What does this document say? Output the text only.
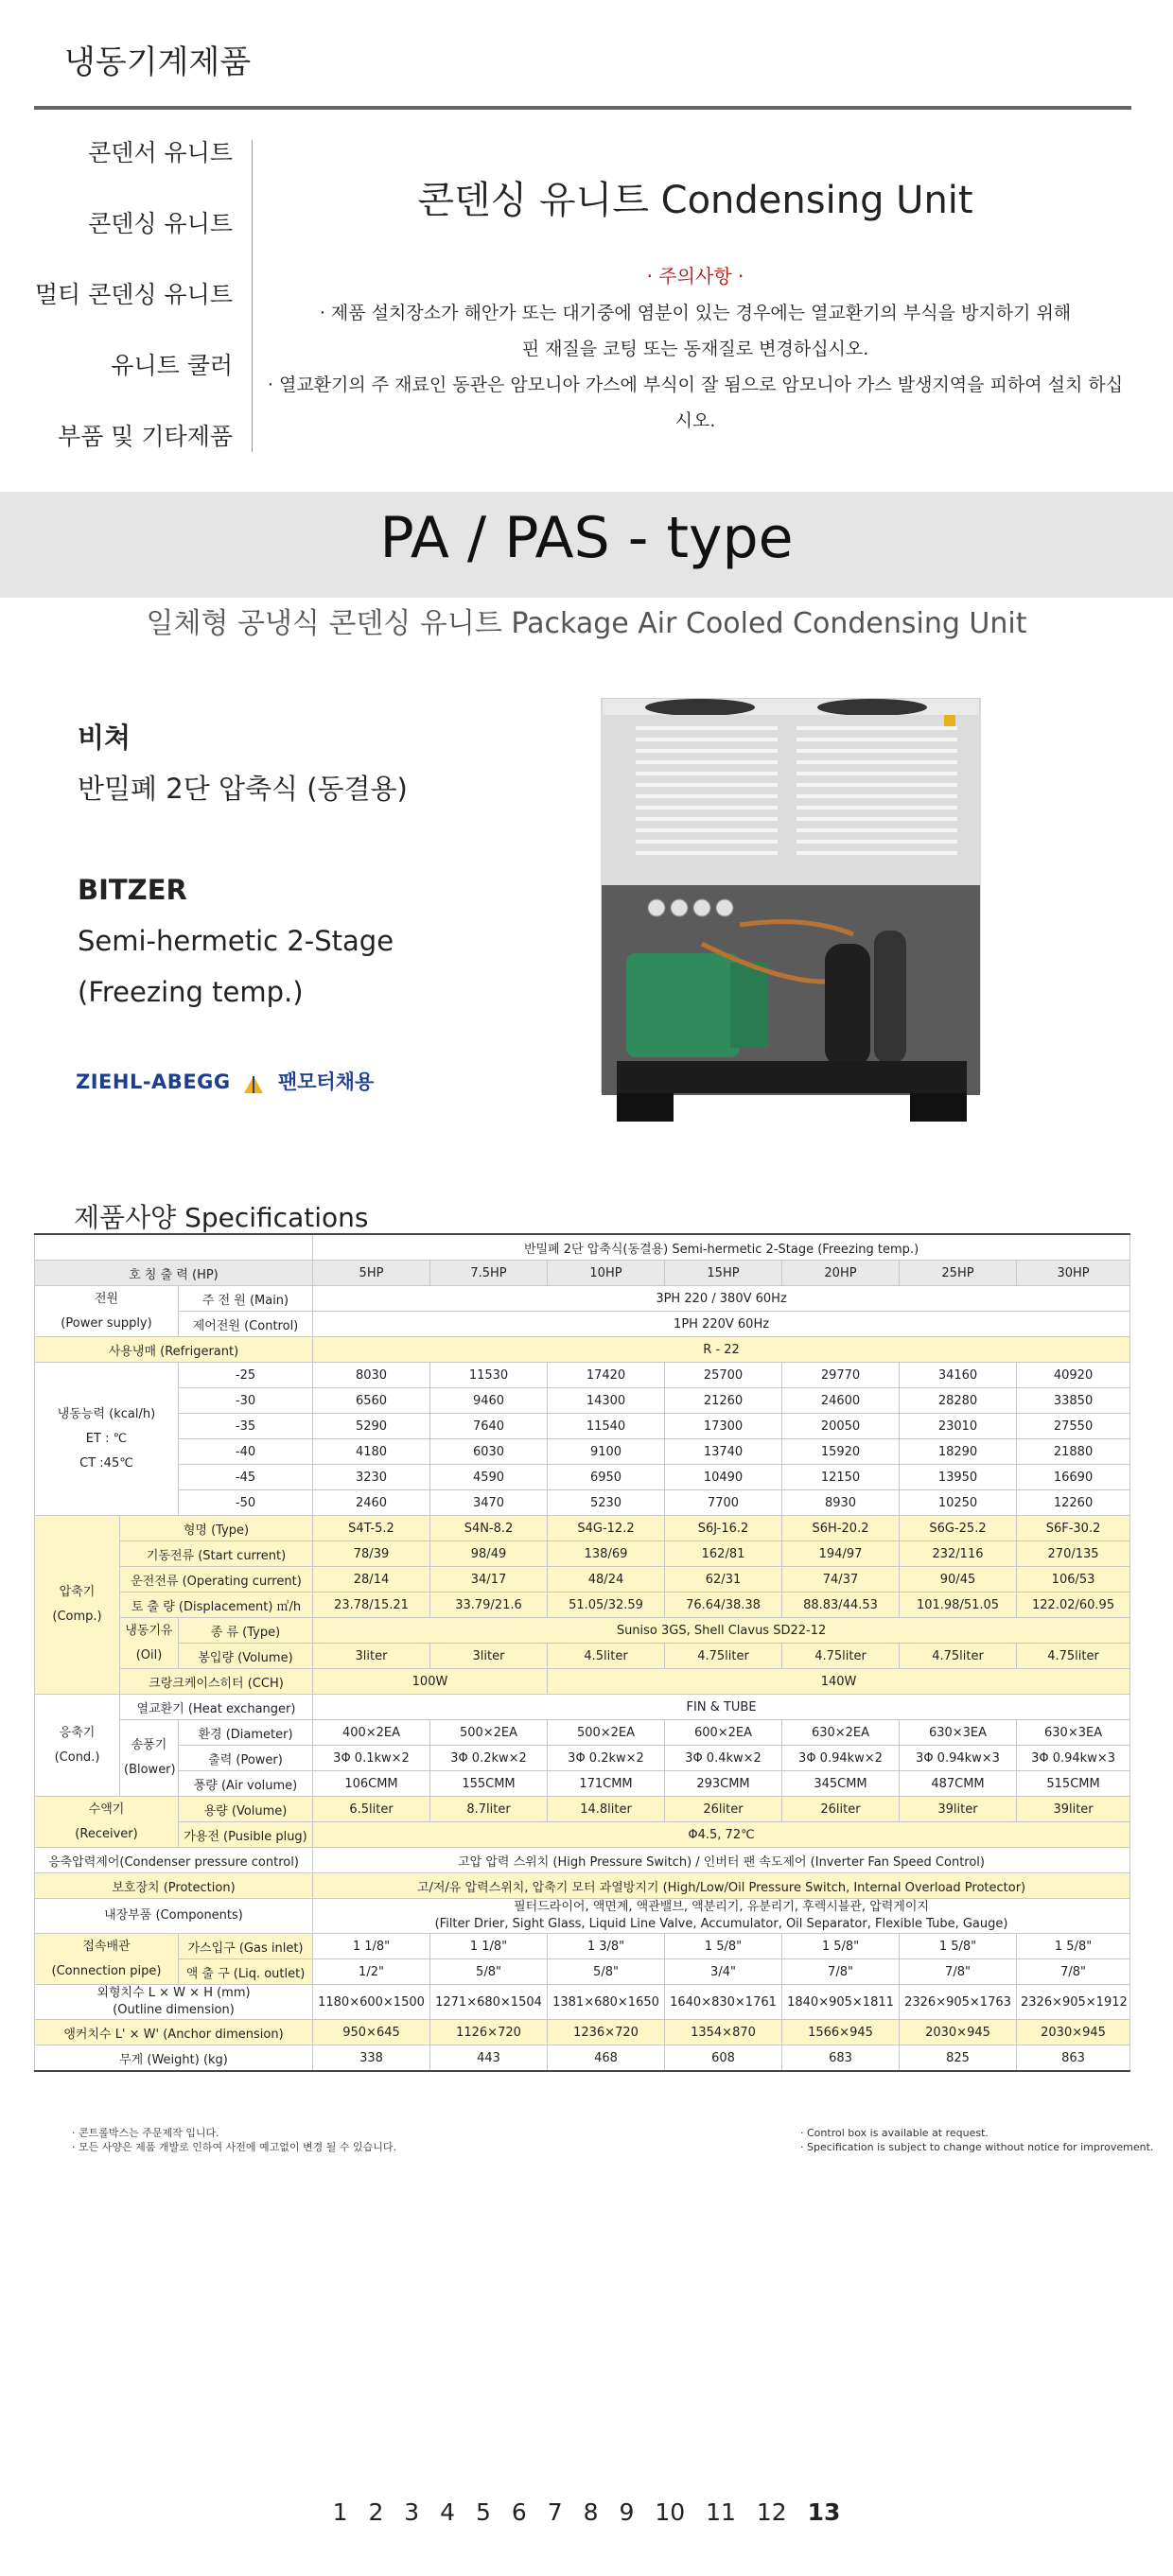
냉동기계제품
콘덴서 유니트
콘덴싱 유니트
멀티 콘덴싱 유니트
유니트 쿨러
부품 및 기타제품
콘덴싱 유니트 Condensing Unit
· 주의사항 ·
· 제품 설치장소가 해안가 또는 대기중에 염분이 있는 경우에는 열교환기의 부식을 방지하기 위해
핀 재질을 코팅 또는 동재질로 변경하십시오.
· 열교환기의 주 재료인 동관은 암모니아 가스에 부식이 잘 됨으로 암모니아 가스 발생지역을 피하여 설치 하십시오.
PA / PAS - type
일체형 공냉식 콘덴싱 유니트 Package Air Cooled Condensing Unit
비쳐
반밀폐 2단 압축식 (동결용)
BITZER
Semi-hermetic 2-Stage
(Freezing temp.)
ZIEHL-ABEGG 팬모터채용
제품사양 Specifications
			반밀폐 2단 압축식(동결용) Semi-hermetic 2-Stage (Freezing temp.)						
호 칭 출 력 (HP)			5HP	7.5HP	10HP	15HP	20HP	25HP	30HP
전원
(Power supply)		주 전 원 (Main)	3PH 220 / 380V 60Hz						
		제어전원 (Control)	1PH 220V 60Hz						
사용냉매 (Refrigerant)			R - 22						
냉동능력 (kcal/h)
ET : ℃
CT :45℃		-25	8030	11530	17420	25700	29770	34160	40920
		-30	6560	9460	14300	21260	24600	28280	33850
		-35	5290	7640	11540	17300	20050	23010	27550
		-40	4180	6030	9100	13740	15920	18290	21880
		-45	3230	4590	6950	10490	12150	13950	16690
		-50	2460	3470	5230	7700	8930	10250	12260
압축기
(Comp.)	형명 (Type)		S4T-5.2	S4N-8.2	S4G-12.2	S6J-16.2	S6H-20.2	S6G-25.2	S6F-30.2
	기동전류 (Start current)		78/39	98/49	138/69	162/81	194/97	232/116	270/135
	운전전류 (Operating current)		28/14	34/17	48/24	62/31	74/37	90/45	106/53
	토 출 량 (Displacement) ㎥/h		23.78/15.21	33.79/21.6	51.05/32.59	76.64/38.38	88.83/44.53	101.98/51.05	122.02/60.95
	냉동기유
(Oil)	종 류 (Type)	Suniso 3GS, Shell Clavus SD22-12						
		봉입량 (Volume)	3liter	3liter	4.5liter	4.75liter	4.75liter	4.75liter	4.75liter
	크랑크케이스히터 (CCH)		100W		140W				
응축기
(Cond.)	열교환기 (Heat exchanger)		FIN & TUBE						
	송풍기
(Blower)	환경 (Diameter)	400×2EA	500×2EA	500×2EA	600×2EA	630×2EA	630×3EA	630×3EA
		출력 (Power)	3Φ 0.1kw×2	3Φ 0.2kw×2	3Φ 0.2kw×2	3Φ 0.4kw×2	3Φ 0.94kw×2	3Φ 0.94kw×3	3Φ 0.94kw×3
		풍량 (Air volume)	106CMM	155CMM	171CMM	293CMM	345CMM	487CMM	515CMM
수액기
(Receiver)		용량 (Volume)	6.5liter	8.7liter	14.8liter	26liter	26liter	39liter	39liter
		가용전 (Pusible plug)	Φ4.5, 72℃						
응축압력제어(Condenser pressure control)			고압 압력 스위치 (High Pressure Switch) / 인버터 팬 속도제어 (Inverter Fan Speed Control)						
보호장치 (Protection)			고/저/유 압력스위치, 압축기 모터 과열방지기 (High/Low/Oil Pressure Switch, Internal Overload Protector)						
내장부품 (Components)			필터드라이어, 액면계, 액관밸브, 액분리기, 유분리기, 후렉시블관, 압력게이지
(Filter Drier, Sight Glass, Liquid Line Valve, Accumulator, Oil Separator, Flexible Tube, Gauge)						
접속배관
(Connection pipe)		가스입구 (Gas inlet)	1 1/8"	1 1/8"	1 3/8"	1 5/8"	1 5/8"	1 5/8"	1 5/8"
		액 출 구 (Liq. outlet)	1/2"	5/8"	5/8"	3/4"	7/8"	7/8"	7/8"
외형치수 L × W × H (mm)
(Outline dimension)			1180×600×1500	1271×680×1504	1381×680×1650	1640×830×1761	1840×905×1811	2326×905×1763	2326×905×1912
앵커치수 L' × W' (Anchor dimension)			950×645	1126×720	1236×720	1354×870	1566×945	2030×945	2030×945
무게 (Weight) (kg)			338	443	468	608	683	825	863
· 콘트롤박스는 주문제작 입니다.
· 모든 사양은 제품 개발로 인하여 사전에 예고없이 변경 될 수 있습니다.
· Control box is available at request.
· Specification is subject to change without notice for improvement.
1 2 3 4 5 6 7 8 9 10 11 12 13
